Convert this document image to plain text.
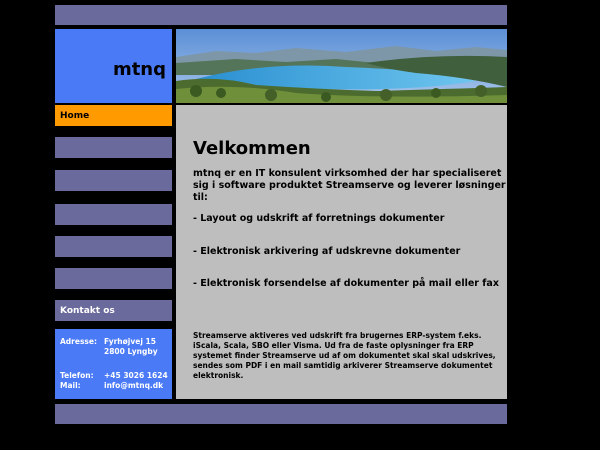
mtnq
Home
Kontakt os
Adresse: Fyrhøjvej 15
2800 Lyngby
Telefon: +45 3026 1624
Mail:	info@mtnq.dk
Velkommen

mtnq er en IT konsulent virksomhed der har specialiseret sig i software produktet Streamserve og leverer løsninger til:

- Layout og udskrift af forretnings dokumenter
- Elektronisk arkivering af udskrevne dokumenter
- Elektronisk forsendelse af dokumenter på mail eller fax

Streamserve aktiveres ved udskrift fra brugernes ERP-system f.eks. iScala, Scala, SBO eller Visma. Ud fra de faste oplysninger fra ERP systemet finder Streamserve ud af om dokumentet skal skal udskrives, sendes som PDF i en mail samtidig arkiverer Streamserve dokumentet elektronisk.
